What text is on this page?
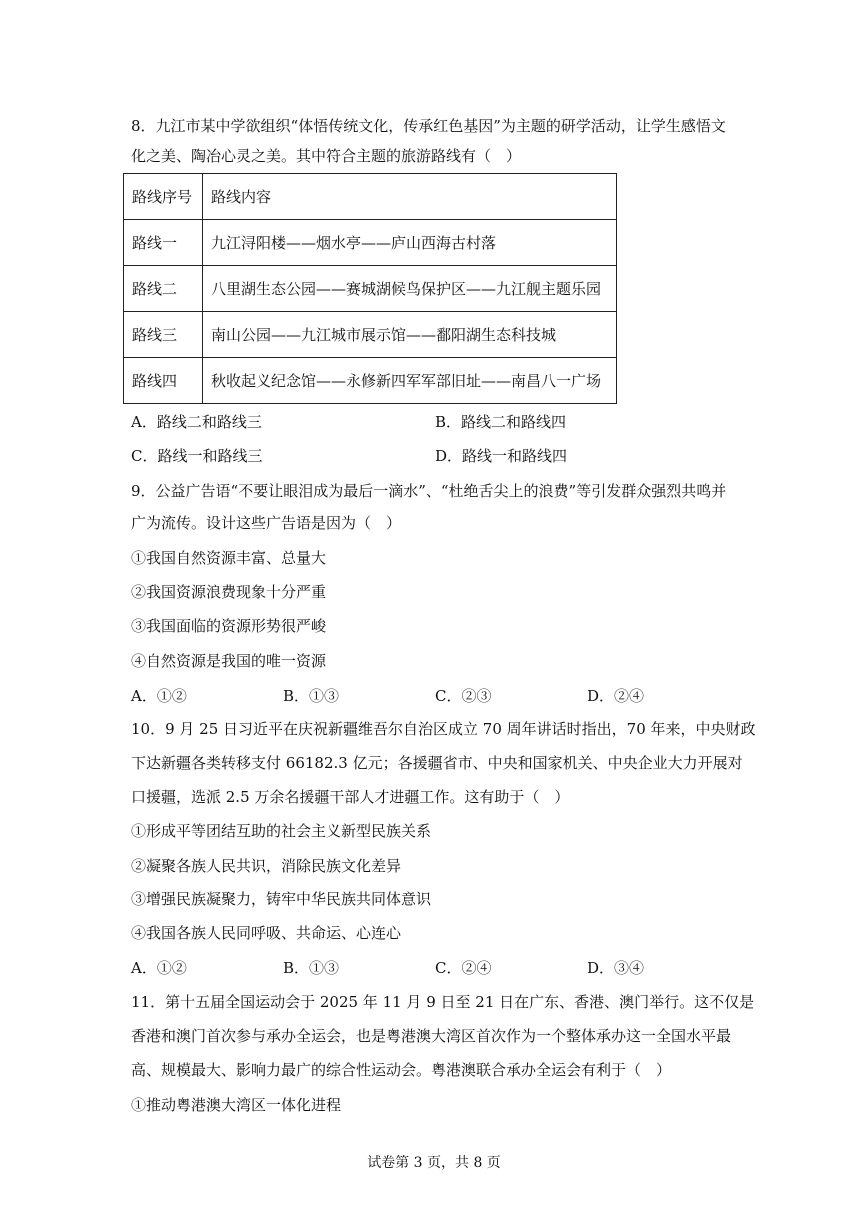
8．九江市某中学欲组织“体悟传统文化，传承红色基因”为主题的研学活动，让学生感悟文
化之美、陶冶心灵之美。其中符合主题的旅游路线有（　）
路线序号	路线内容
路线一	九江浔阳楼——烟水亭——庐山西海古村落
路线二	八里湖生态公园——赛城湖候鸟保护区——九江舰主题乐园
路线三	南山公园——九江城市展示馆——鄱阳湖生态科技城
路线四	秋收起义纪念馆——永修新四军军部旧址——南昌八一广场
A．路线二和路线三	B．路线二和路线四
C．路线一和路线三	D．路线一和路线四
9．公益广告语“不要让眼泪成为最后一滴水”、“杜绝舌尖上的浪费”等引发群众强烈共鸣并
广为流传。设计这些广告语是因为（　）
①我国自然资源丰富、总量大
②我国资源浪费现象十分严重
③我国面临的资源形势很严峻
④自然资源是我国的唯一资源
A．①②	B．①③	C．②③	D．②④
10．9 月 25 日习近平在庆祝新疆维吾尔自治区成立 70 周年讲话时指出，70 年来，中央财政
下达新疆各类转移支付 66182.3 亿元；各援疆省市、中央和国家机关、中央企业大力开展对
口援疆，选派 2.5 万余名援疆干部人才进疆工作。这有助于（　）
①形成平等团结互助的社会主义新型民族关系
②凝聚各族人民共识，消除民族文化差异
③增强民族凝聚力，铸牢中华民族共同体意识
④我国各族人民同呼吸、共命运、心连心
A．①②	B．①③	C．②④	D．③④
11．第十五届全国运动会于 2025 年 11 月 9 日至 21 日在广东、香港、澳门举行。这不仅是
香港和澳门首次参与承办全运会，也是粤港澳大湾区首次作为一个整体承办这一全国水平最
高、规模最大、影响力最广的综合性运动会。粤港澳联合承办全运会有利于（　）
①推动粤港澳大湾区一体化进程
试卷第 3 页，共 8 页
